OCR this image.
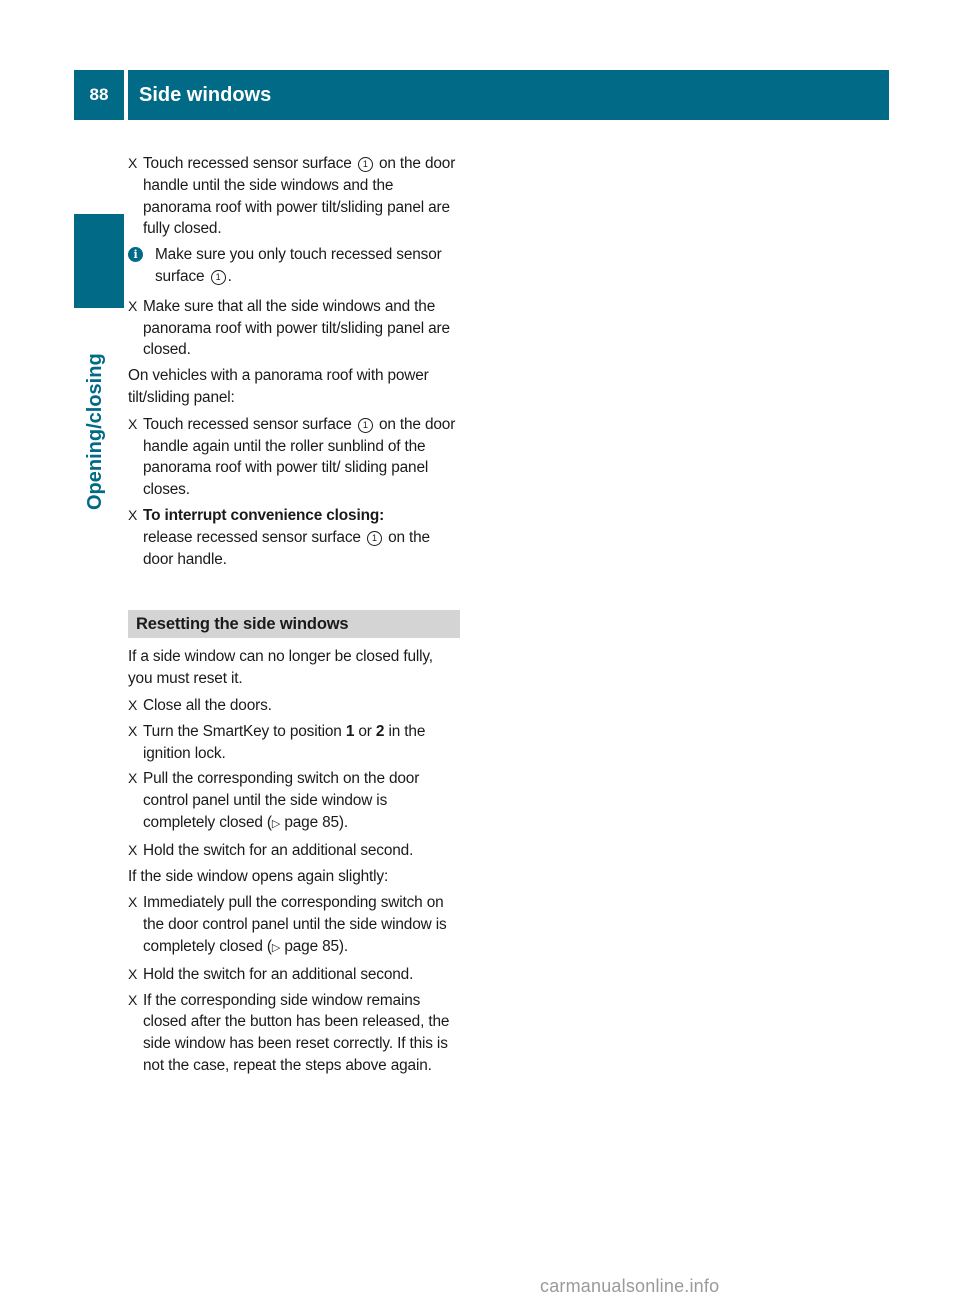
88	Side windows
Opening/closing
X Touch recessed sensor surface 1 on the door handle until the side windows and the panorama roof with power tilt/sliding panel are fully closed.
i	Make sure you only touch recessed sensor surface 1 .
X Make sure that all the side windows and the panorama roof with power tilt/sliding panel are closed.
On vehicles with a panorama roof with power tilt/sliding panel:
X Touch recessed sensor surface 1 on the door handle again until the roller sunblind of the panorama roof with power tilt/ sliding panel closes.
X To interrupt convenience closing:
release recessed sensor surface 1 on the door handle.
Resetting the side windows
If a side window can no longer be closed fully, you must reset it.
X Close all the doors.
X Turn the SmartKey to position 1 or 2 in the ignition lock.
X Pull the corresponding switch on the door control panel until the side window is completely closed (▷ page 85).
X Hold the switch for an additional second.
If the side window opens again slightly:
X Immediately pull the corresponding switch on the door control panel until the side window is completely closed (▷ page 85).
X Hold the switch for an additional second.
X If the corresponding side window remains closed after the button has been released, the side window has been reset correctly. If this is not the case, repeat the steps above again.
carmanualsonline.info
